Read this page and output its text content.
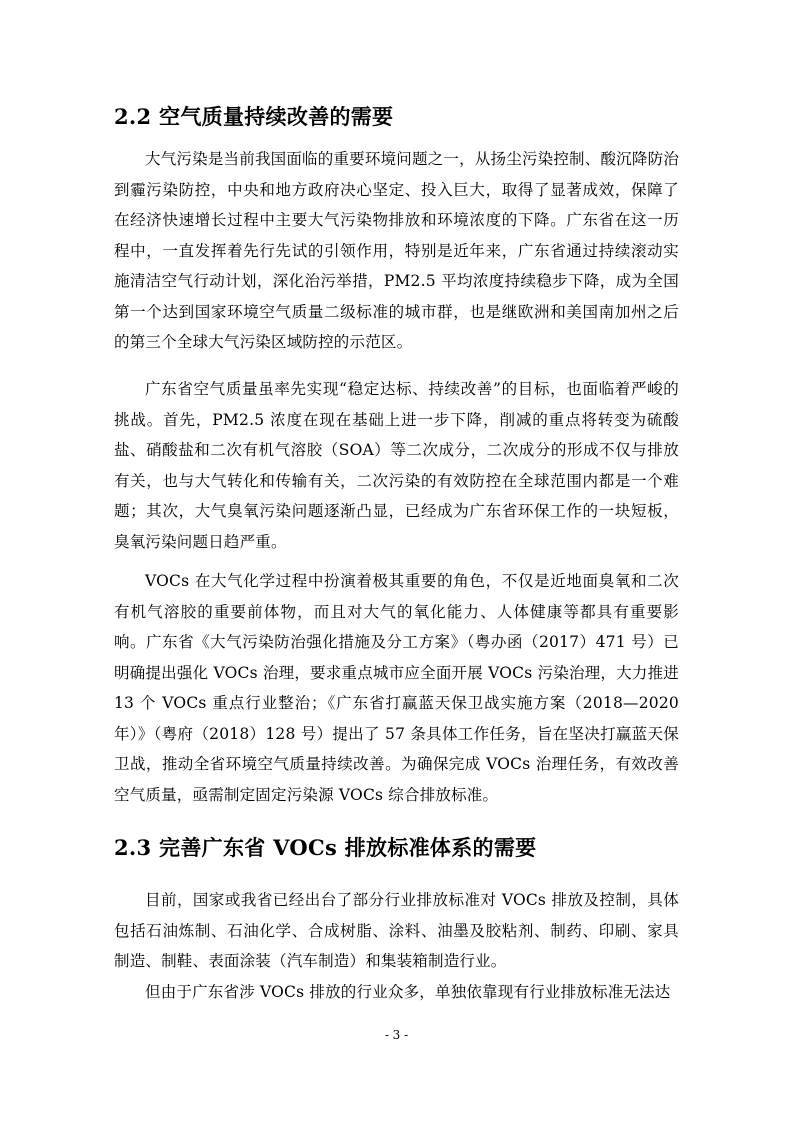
2.2 空气质量持续改善的需要

大气污染是当前我国面临的重要环境问题之一，从扬尘污染控制、酸沉降防治到霾污染防控，中央和地方政府决心坚定、投入巨大，取得了显著成效，保障了在经济快速增长过程中主要大气污染物排放和环境浓度的下降。广东省在这一历程中，一直发挥着先行先试的引领作用，特别是近年来，广东省通过持续滚动实施清洁空气行动计划，深化治污举措，PM2.5 平均浓度持续稳步下降，成为全国第一个达到国家环境空气质量二级标准的城市群，也是继欧洲和美国南加州之后的第三个全球大气污染区域防控的示范区。

广东省空气质量虽率先实现“稳定达标、持续改善”的目标，也面临着严峻的挑战。首先，PM2.5 浓度在现在基础上进一步下降，削减的重点将转变为硫酸盐、硝酸盐和二次有机气溶胶（SOA）等二次成分，二次成分的形成不仅与排放有关，也与大气转化和传输有关，二次污染的有效防控在全球范围内都是一个难题；其次，大气臭氧污染问题逐渐凸显，已经成为广东省环保工作的一块短板，臭氧污染问题日趋严重。

VOCs 在大气化学过程中扮演着极其重要的角色，不仅是近地面臭氧和二次有机气溶胶的重要前体物，而且对大气的氧化能力、人体健康等都具有重要影响。广东省《大气污染防治强化措施及分工方案》（粤办函（2017）471 号）已明确提出强化 VOCs 治理，要求重点城市应全面开展 VOCs 污染治理，大力推进 13 个 VOCs 重点行业整治；《广东省打赢蓝天保卫战实施方案（2018—2020 年）》（粤府（2018）128 号）提出了 57 条具体工作任务，旨在坚决打赢蓝天保卫战，推动全省环境空气质量持续改善。为确保完成 VOCs 治理任务，有效改善空气质量，亟需制定固定污染源 VOCs 综合排放标准。

2.3 完善广东省 VOCs 排放标准体系的需要

目前，国家或我省已经出台了部分行业排放标准对 VOCs 排放及控制，具体包括石油炼制、石油化学、合成树脂、涂料、油墨及胶粘剂、制药、印刷、家具制造、制鞋、表面涂装（汽车制造）和集装箱制造行业。

但由于广东省涉 VOCs 排放的行业众多，单独依靠现有行业排放标准无法达

- 3 -
